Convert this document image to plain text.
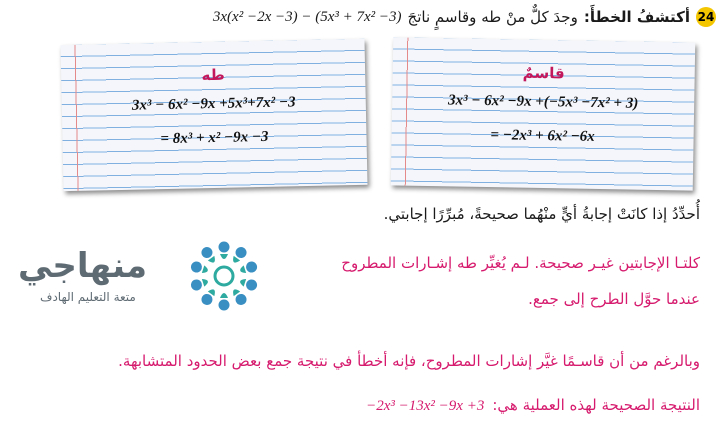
24
أكتشفُ الخطأَ:
وجدَ كلٌّ منْ طه وقاسمٍ ناتجَ
3x(x² −2x −3) − (5x³ + 7x² −3)
طه
3x³ − 6x² −9x +5x³+7x² −3
= 8x³ + x² −9x −3
قاسمٌ
3x³ − 6x² −9x +(−5x³ −7x² + 3)
= −2x³ + 6x² −6x
أُحدِّدُ إذا كانَتْ إجابةُ أيٍّ منْهُما صحيحةً، مُبرِّرًا إجابتي.
منهاجي
متعة التعليم الهادف
كلتـا الإجابتين غيـر صحيحة. لـم يُغيِّر طه إشـارات المطروح
عندما حوَّل الطرح إلى جمع.
وبالرغم من أن قاسـمًا غيَّر إشارات المطروح، فإنه أخطأ في نتيجة جمع بعض الحدود المتشابهة.
النتيجة الصحيحة لهذه العملية هي:
−2x³ −13x² −9x +3
